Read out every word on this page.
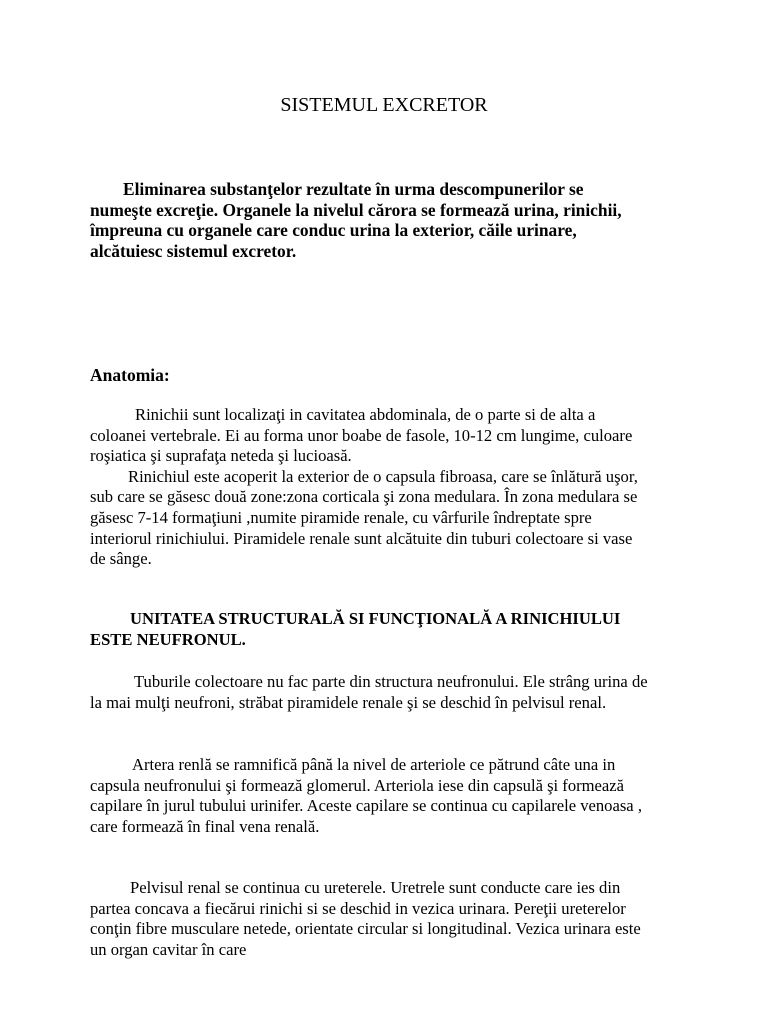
SISTEMUL EXCRETOR

Eliminarea substanţelor rezultate în urma descompunerilor se numeşte excreţie. Organele la nivelul cărora se formează urina, rinichii, împreuna cu organele care conduc urina la exterior, căile urinare, alcătuiesc sistemul excretor.

Anatomia:

Rinichii sunt localizaţi in cavitatea abdominala, de o parte si de alta a coloanei vertebrale. Ei au forma unor boabe de fasole, 10-12 cm lungime, culoare roşiatica şi suprafaţa neteda şi lucioasă.

Rinichiul este acoperit la exterior de o capsula fibroasa, care se înlătură uşor, sub care se găsesc două zone:zona corticala şi zona medulara. În zona medulara se găsesc 7-14 formaţiuni ,numite piramide renale, cu vârfurile îndreptate spre interiorul rinichiului. Piramidele renale sunt alcătuite din tuburi colectoare si vase de sânge.

UNITATEA STRUCTURALĂ SI FUNCŢIONALĂ A RINICHIULUI ESTE NEUFRONUL.

Tuburile colectoare nu fac parte din structura neufronului. Ele strâng urina de la mai mulţi neufroni, străbat piramidele renale şi se deschid în pelvisul renal.

Artera renlă se ramnifică până la nivel de arteriole ce pătrund câte una in capsula neufronului şi formează glomerul. Arteriola iese din capsulă şi formează capilare în jurul tubului urinifer. Aceste capilare se continua cu capilarele venoasa , care formează în final vena renală.

Pelvisul renal se continua cu ureterele. Uretrele sunt conducte care ies din partea concava a fiecărui rinichi si se deschid in vezica urinara. Pereţii ureterelor conţin fibre musculare netede, orientate circular si longitudinal. Vezica urinara este un organ cavitar în care
